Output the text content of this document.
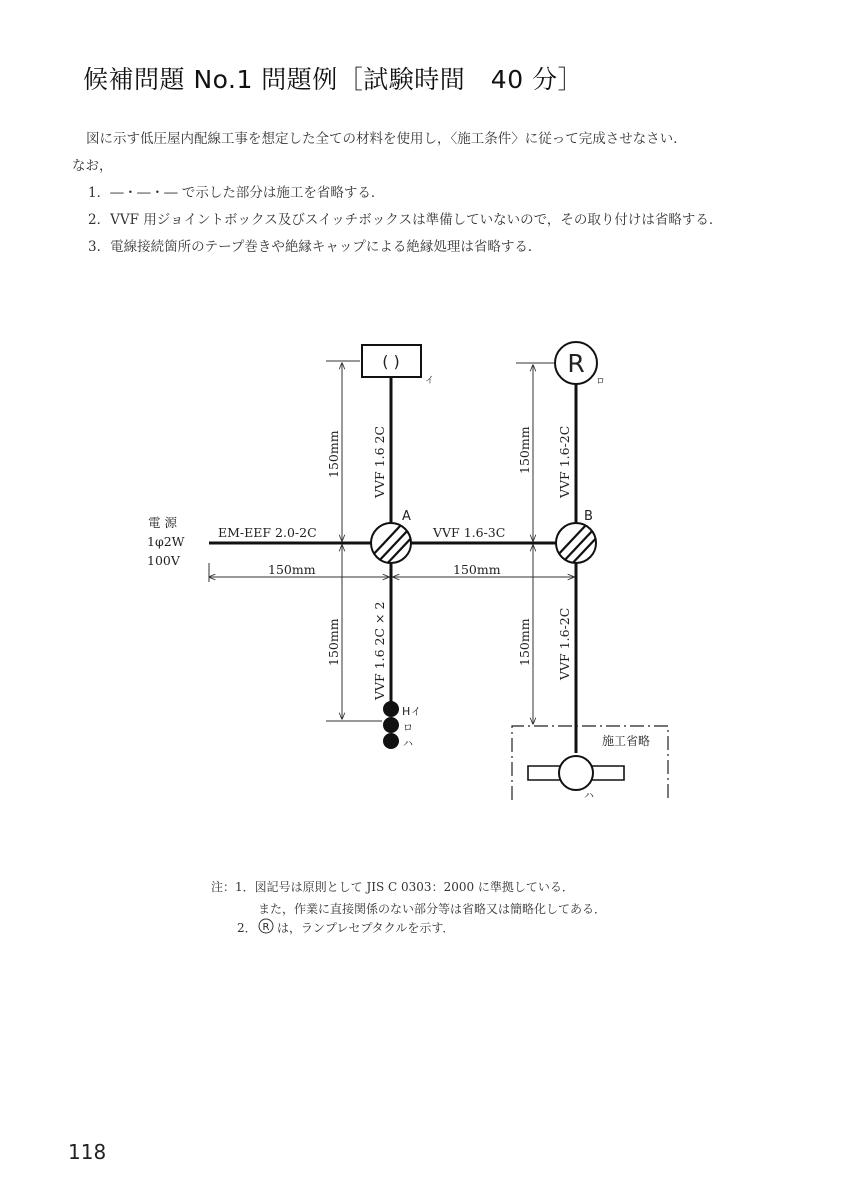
候補問題 No.1 問題例［試験時間　40 分］
図に示す低圧屋内配線工事を想定した全ての材料を使用し，〈施工条件〉に従って完成させなさい．
なお，
1．―・―・― で示した部分は施工を省略する．
2．VVF 用ジョイントボックス及びスイッチボックスは準備していないので，その取り付けは省略する．
3．電線接続箇所のテープ巻きや絶縁キャップによる絶縁処理は省略する．
A	B
( )
イ
R
ロ
H イ
ロ
ハ	施工省略
ハ
電 源
1φ2W
100V
EM-EEF 2.0-2C	VVF 1.6-3C
VVF 1.6 2C
VVF 1.6 2C × 2
VVF 1.6-2C
VVF 1.6-2C
150mm	150mm
150mm	150mm
150mm	150mm
R
注：1．図記号は原則として JIS C 0303：2000 に準拠している．
また，作業に直接関係のない部分等は省略又は簡略化してある．
2． は，ランプレセプタクルを示す．
118
